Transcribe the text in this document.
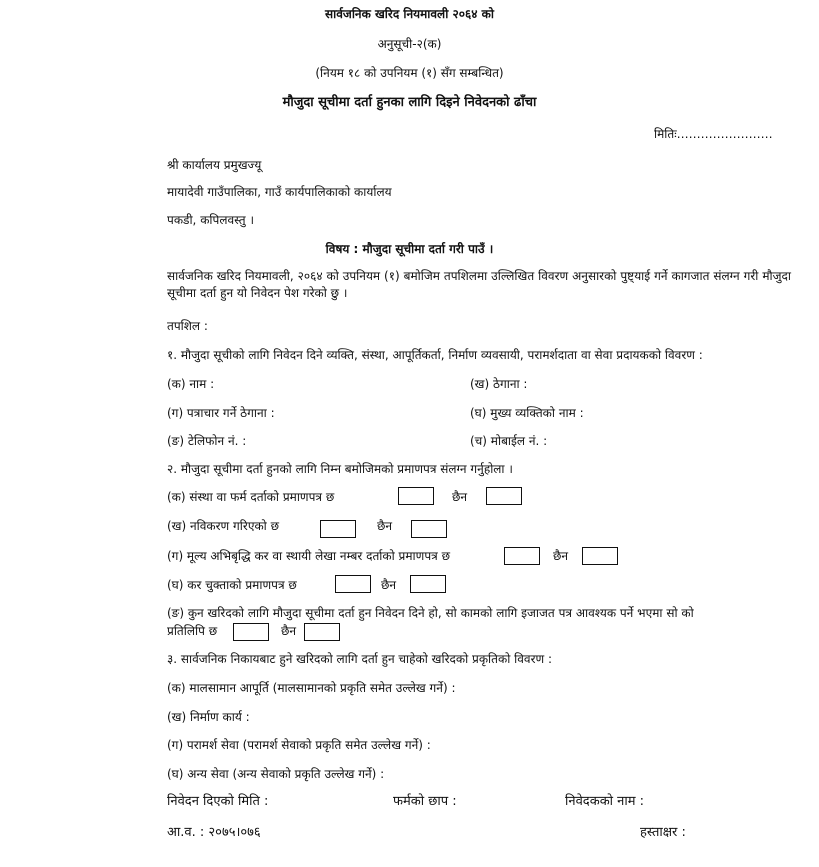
सार्वजनिक खरिद नियमावली २०६४ को
अनुसूची-२(क)
(नियम १८ को उपनियम (१) सँग सम्बन्धित)
मौजुदा सूचीमा दर्ता हुनका लागि दिइने निवेदनको ढाँचा
मितिः……………………
श्री कार्यालय प्रमुखज्यू
मायादेवी गाउँपालिका, गाउँ कार्यपालिकाको कार्यालय
पकडी, कपिलवस्तु ।
विषय : मौजुदा सूचीमा दर्ता गरी पाउँ ।
सार्वजनिक खरिद नियमावली, २०६४ को उपनियम (१) बमोजिम तपशिलमा उल्लिखित विवरण अनुसारको पुष्ट्याई गर्ने कागजात संलग्न गरी मौजुदा सूचीमा दर्ता हुन यो निवेदन पेश गरेको छु ।
तपशिल :
१. मौजुदा सूचीको लागि निवेदन दिने व्यक्ति, संस्था, आपूर्तिकर्ता, निर्माण व्यवसायी, परामर्शदाता वा सेवा प्रदायकको विवरण :
(क) नाम :	(ख) ठेगाना :
(ग) पत्राचार गर्ने ठेगाना :	(घ) मुख्य व्यक्तिको नाम :
(ङ) टेलिफोन नं. :	(च) मोबाईल नं. :
२. मौजुदा सूचीमा दर्ता हुनको लागि निम्न बमोजिमको प्रमाणपत्र संलग्न गर्नुहोला ।
(क) संस्था वा फर्म दर्ताको प्रमाणपत्र छ	छैन
(ख) नविकरण गरिएको छ	छैन
(ग) मूल्य अभिबृद्धि कर वा स्थायी लेखा नम्बर दर्ताको प्रमाणपत्र छ	छैन
(घ) कर चुक्ताको प्रमाणपत्र छ	छैन
(ङ) कुन खरिदको लागि मौजुदा सूचीमा दर्ता हुन निवेदन दिने हो, सो कामको लागि इजाजत पत्र आवश्यक पर्ने भएमा सो को
प्रतिलिपि छ	छैन
३. सार्वजनिक निकायबाट हुने खरिदको लागि दर्ता हुन चाहेको खरिदको प्रकृतिको विवरण :
(क) मालसामान आपूर्ति (मालसामानको प्रकृति समेत उल्लेख गर्ने) :
(ख) निर्माण कार्य :
(ग) परामर्श सेवा (परामर्श सेवाको प्रकृति समेत उल्लेख गर्ने) :
(घ) अन्य सेवा (अन्य सेवाको प्रकृति उल्लेख गर्ने) :
निवेदन दिएको मिति :	फर्मको छाप :	निवेदकको नाम :
आ.व. : २०७५।०७६	हस्ताक्षर :
